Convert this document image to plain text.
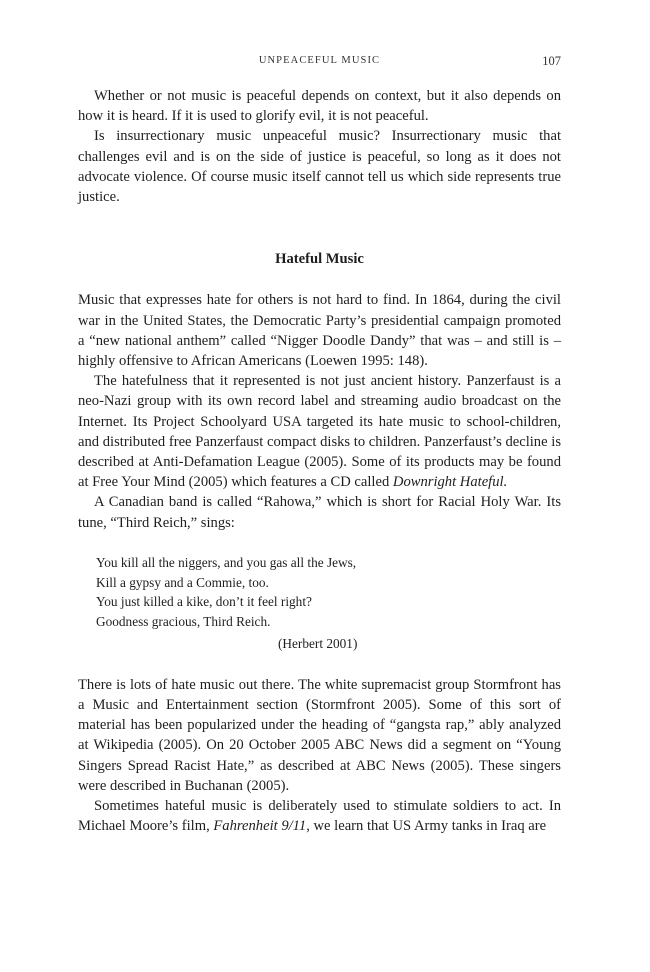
UNPEACEFUL MUSIC	107

Whether or not music is peaceful depends on context, but it also depends on how it is heard. If it is used to glorify evil, it is not peaceful.

Is insurrectionary music unpeaceful music? Insurrectionary music that challenges evil and is on the side of justice is peaceful, so long as it does not advocate violence. Of course music itself cannot tell us which side represents true justice.

Hateful Music

Music that expresses hate for others is not hard to find. In 1864, during the civil war in the United States, the Democratic Party’s presidential campaign promoted a “new national anthem” called “Nigger Doodle Dandy” that was – and still is – highly offensive to African Americans (Loewen 1995: 148).

The hatefulness that it represented is not just ancient history. Panzerfaust is a neo-Nazi group with its own record label and streaming audio broadcast on the Internet. Its Project Schoolyard USA targeted its hate music to school-children, and distributed free Panzerfaust compact disks to children. Panzerfaust’s decline is described at Anti-Defamation League (2005). Some of its products may be found at Free Your Mind (2005) which features a CD called Downright Hateful.

A Canadian band is called “Rahowa,” which is short for Racial Holy War. Its tune, “Third Reich,” sings:

You kill all the niggers, and you gas all the Jews,
Kill a gypsy and a Commie, too.
You just killed a kike, don’t it feel right?
Goodness gracious, Third Reich.
(Herbert 2001)

There is lots of hate music out there. The white supremacist group Stormfront has a Music and Entertainment section (Stormfront 2005). Some of this sort of material has been popularized under the heading of “gangsta rap,” ably analyzed at Wikipedia (2005). On 20 October 2005 ABC News did a segment on “Young Singers Spread Racist Hate,” as described at ABC News (2005). These singers were described in Buchanan (2005).

Sometimes hateful music is deliberately used to stimulate soldiers to act. In Michael Moore’s film, Fahrenheit 9/11, we learn that US Army tanks in Iraq are
